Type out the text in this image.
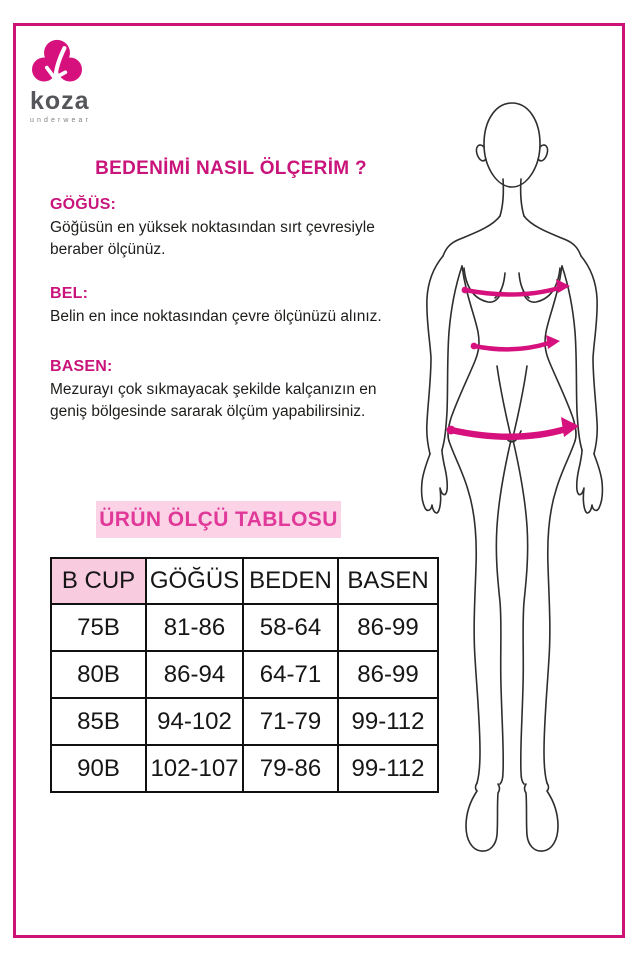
koza
underwear
BEDENİMİ NASIL ÖLÇERİM ?

GÖĞÜS:

Göğüsün en yüksek noktasından sırt çevresiyle beraber ölçünüz.

BEL:

Belin en ince noktasından çevre ölçünüzü alınız.

BASEN:

Mezurayı çok sıkmayacak şekilde kalçanızın en geniş bölgesinde sararak ölçüm yapabilirsiniz.

ÜRÜN ÖLÇÜ TABLOSU
B CUP	GÖĞÜS	BEDEN	BASEN
75B	81-86	58-64	86-99
80B	86-94	64-71	86-99
85B	94-102	71-79	99-112
90B	102-107	79-86	99-112
